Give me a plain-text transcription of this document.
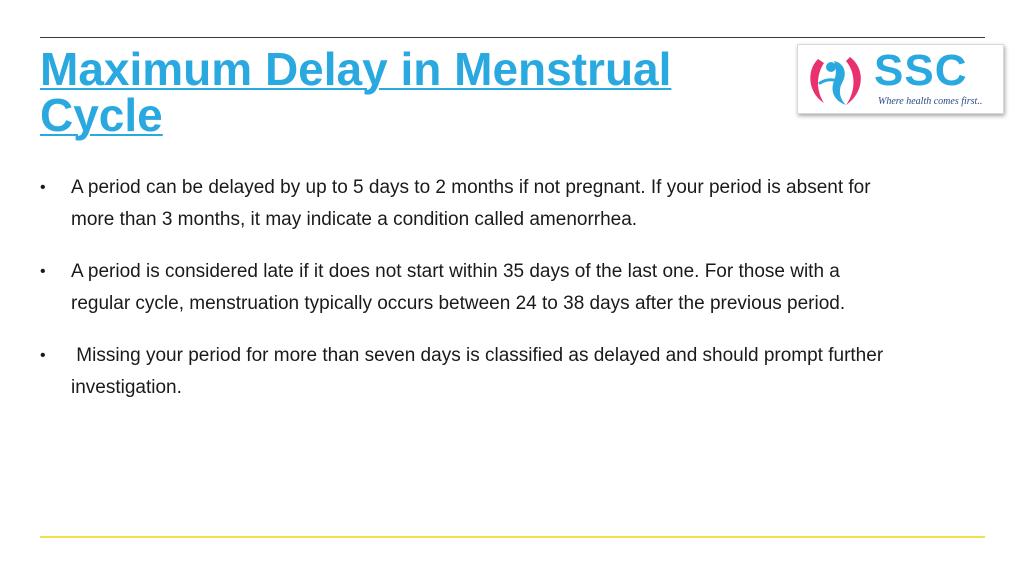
Maximum Delay in Menstrual Cycle
SSC
Where health comes first..
•	A period can be delayed by up to 5 days to 2 months if not pregnant. If your period is absent for more than 3 months, it may indicate a condition called amenorrhea.
•	A period is considered late if it does not start within 35 days of the last one. For those with a regular cycle, menstruation typically occurs between 24 to 38 days after the previous period.
•	Missing your period for more than seven days is classified as delayed and should prompt further investigation.
